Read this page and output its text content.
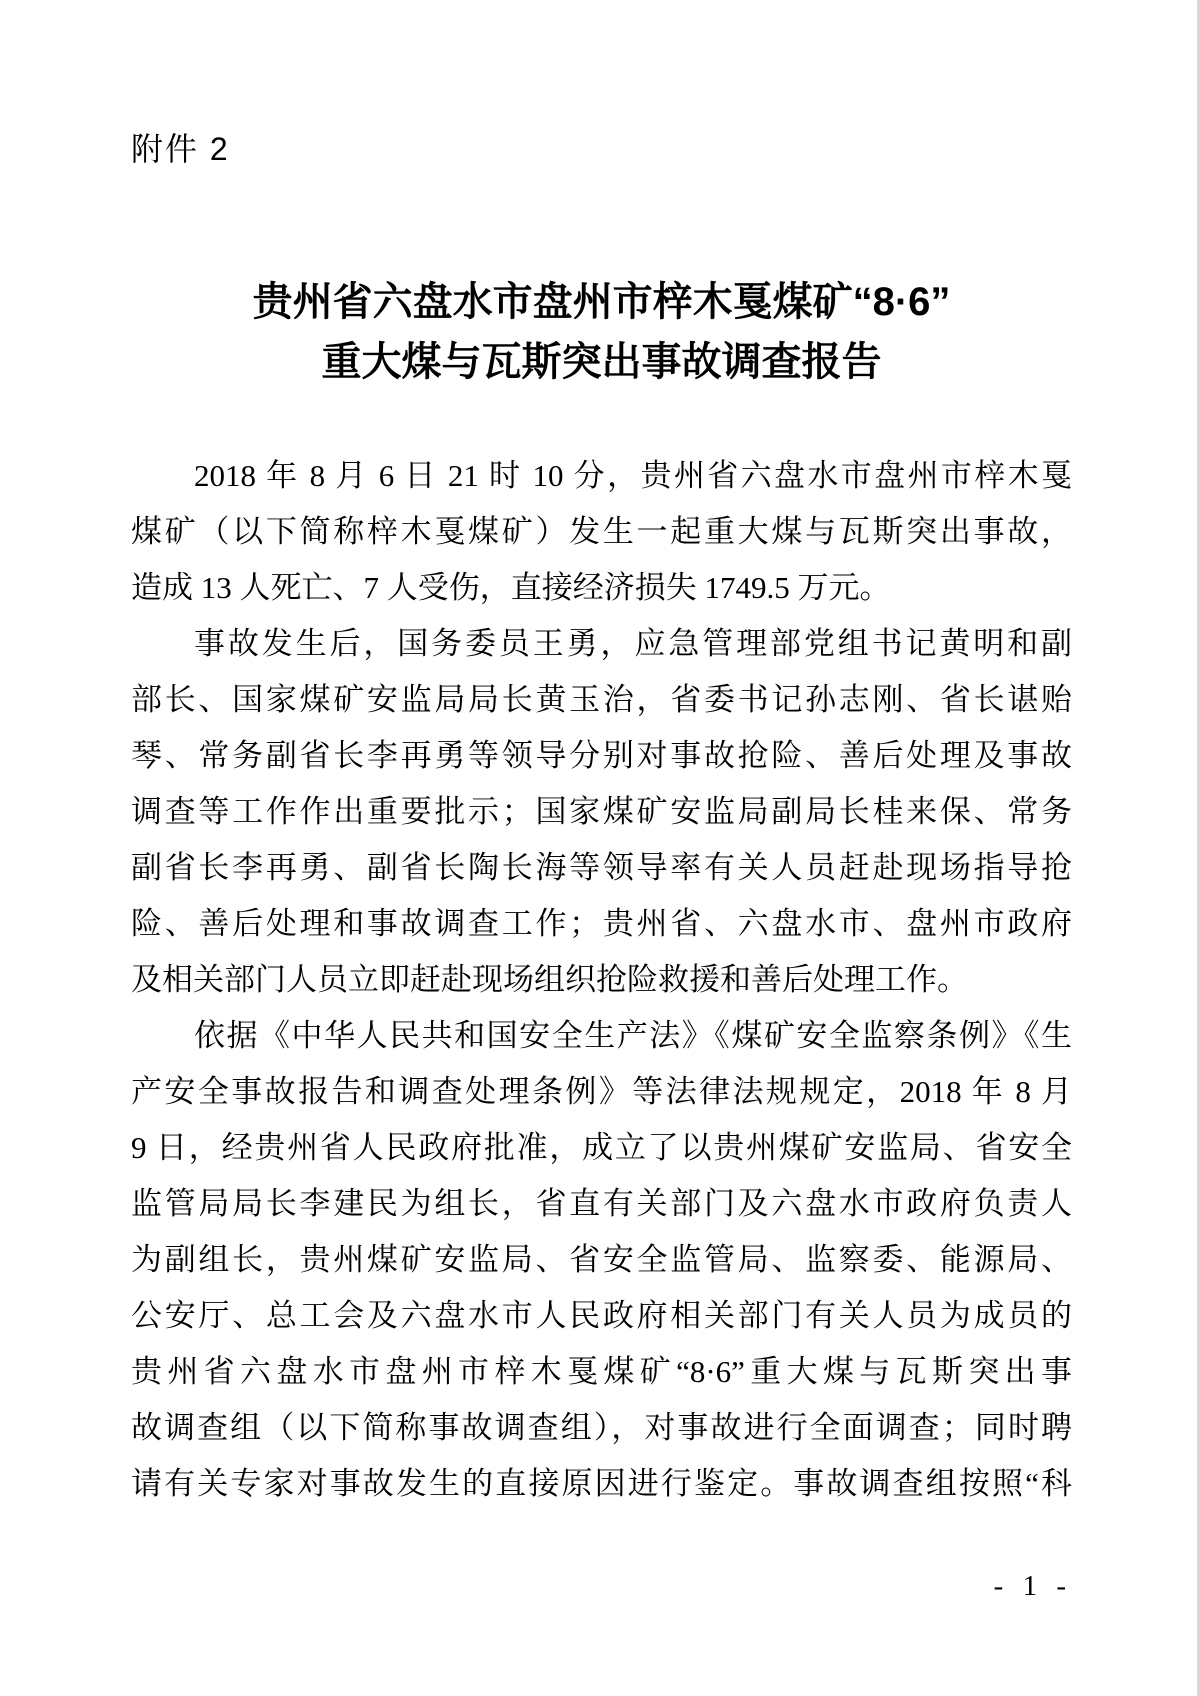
附件 2
贵州省六盘水市盘州市梓木戛煤矿“8·6”
重大煤与瓦斯突出事故调查报告
2018 年 8 月 6 日 21 时 10 分，贵州省六盘水市盘州市梓木戛
煤矿（以下简称梓木戛煤矿）发生一起重大煤与瓦斯突出事故，
造成 13 人死亡、7 人受伤，直接经济损失 1749.5 万元。
事故发生后，国务委员王勇，应急管理部党组书记黄明和副
部长、国家煤矿安监局局长黄玉治，省委书记孙志刚、省长谌贻
琴、常务副省长李再勇等领导分别对事故抢险、善后处理及事故
调查等工作作出重要批示；国家煤矿安监局副局长桂来保、常务
副省长李再勇、副省长陶长海等领导率有关人员赶赴现场指导抢
险、善后处理和事故调查工作；贵州省、六盘水市、盘州市政府
及相关部门人员立即赶赴现场组织抢险救援和善后处理工作。
依据《中华人民共和国安全生产法》《煤矿安全监察条例》《生
产安全事故报告和调查处理条例》等法律法规规定，2018 年 8 月
9 日，经贵州省人民政府批准，成立了以贵州煤矿安监局、省安全
监管局局长李建民为组长，省直有关部门及六盘水市政府负责人
为副组长，贵州煤矿安监局、省安全监管局、监察委、能源局、
公安厅、总工会及六盘水市人民政府相关部门有关人员为成员的
贵州省六盘水市盘州市梓木戛煤矿“8·6”重大煤与瓦斯突出事
故调查组（以下简称事故调查组），对事故进行全面调查；同时聘
请有关专家对事故发生的直接原因进行鉴定。事故调查组按照“科
- 1 -
